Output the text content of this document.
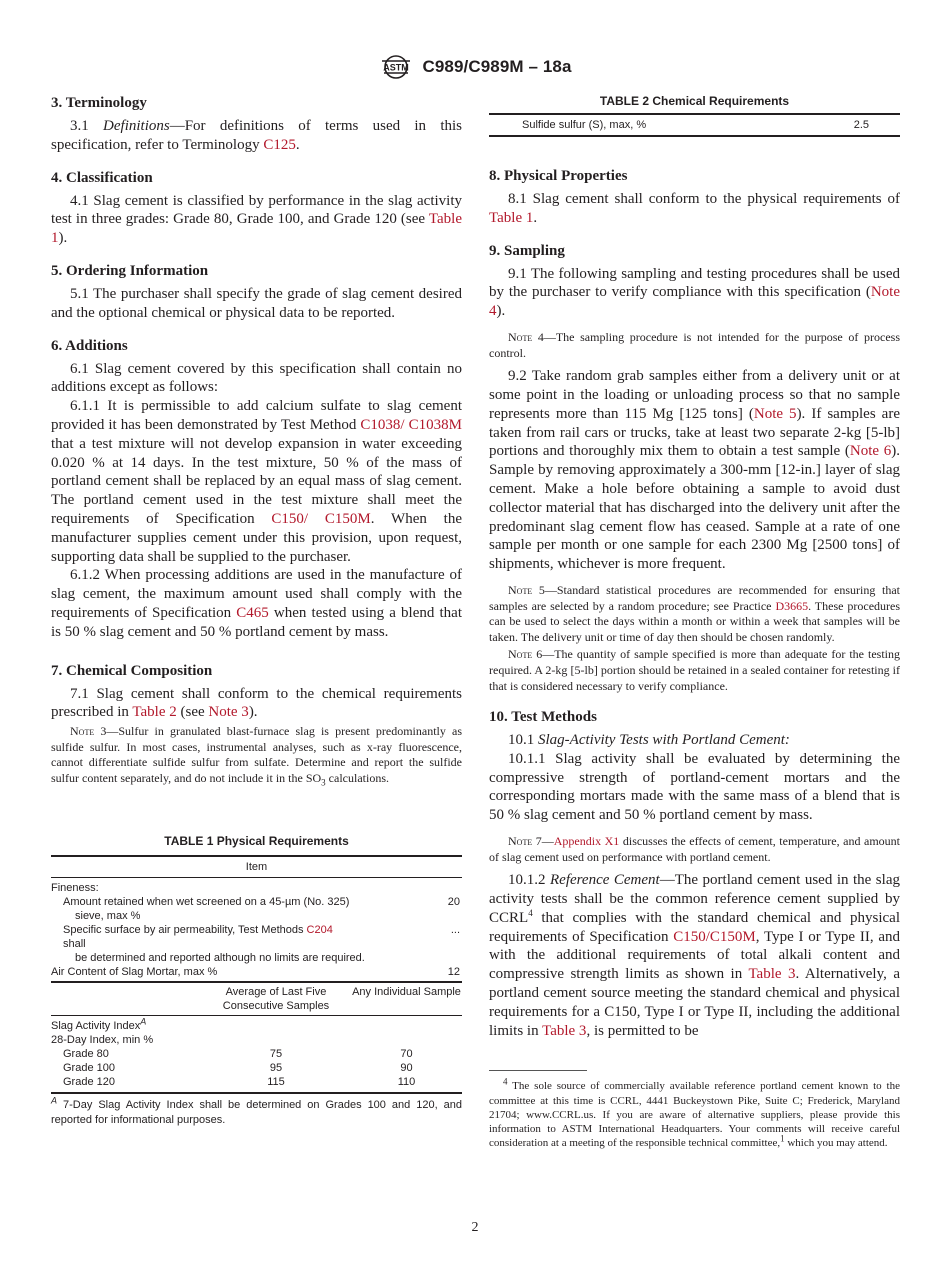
ASTM C989/C989M – 18a
3. Terminology

3.1 Definitions—For definitions of terms used in this specification, refer to Terminology C125.

4. Classification

4.1 Slag cement is classified by performance in the slag activity test in three grades: Grade 80, Grade 100, and Grade 120 (see Table 1).

5. Ordering Information

5.1 The purchaser shall specify the grade of slag cement desired and the optional chemical or physical data to be reported.

6. Additions

6.1 Slag cement covered by this specification shall contain no additions except as follows:

6.1.1 It is permissible to add calcium sulfate to slag cement provided it has been demonstrated by Test Method C1038/ C1038M that a test mixture will not develop expansion in water exceeding 0.020 % at 14 days. In the test mixture, 50 % of the mass of portland cement shall be replaced by an equal mass of slag cement. The portland cement used in the test mixture shall meet the requirements of Specification C150/ C150M. When the manufacturer supplies cement under this provision, upon request, supporting data shall be supplied to the purchaser.

6.1.2 When processing additions are used in the manufacture of slag cement, the maximum amount used shall comply with the requirements of Specification C465 when tested using a blend that is 50 % slag cement and 50 % portland cement by mass.

7. Chemical Composition

7.1 Slag cement shall conform to the chemical requirements prescribed in Table 2 (see Note 3).

Note 3—Sulfur in granulated blast-furnace slag is present predominantly as sulfide sulfur. In most cases, instrumental analyses, such as x-ray fluorescence, cannot differentiate sulfide sulfur from sulfate. Determine and report the sulfide sulfur content separately, and do not include it in the $SO_3$ calculations.

TABLE 1 Physical Requirements
Item		
Fineness:		
Amount retained when wet screened on a 45-µm (No. 325)		20
sieve, max %		
Specific surface by air permeability, Test Methods C204 shall		...
be determined and reported although no limits are required.		
Air Content of Slag Mortar, max %		12
	Average of Last Five Consecutive Samples	Any Individual Sample
Slag Activity Index$^A$
28-Day Index, min %		
Grade 80	75	70
Grade 100	95	90
Grade 120	115	110

$^A$ 7-Day Slag Activity Index shall be determined on Grades 100 and 120, and reported for informational purposes.

TABLE 2 Chemical Requirements
Sulfide sulfur (S), max, %	2.5
8. Physical Properties

8.1 Slag cement shall conform to the physical requirements of Table 1.

9. Sampling

9.1 The following sampling and testing procedures shall be used by the purchaser to verify compliance with this specification (Note 4).

Note 4—The sampling procedure is not intended for the purpose of process control.

9.2 Take random grab samples either from a delivery unit or at some point in the loading or unloading process so that no sample represents more than 115 Mg [125 tons] (Note 5). If samples are taken from rail cars or trucks, take at least two separate 2-kg [5-lb] portions and thoroughly mix them to obtain a test sample (Note 6). Sample by removing approximately a 300-mm [12-in.] layer of slag cement. Make a hole before obtaining a sample to avoid dust collector material that has discharged into the delivery unit after the predominant slag cement flow has ceased. Sample at a rate of one sample per month or one sample for each 2300 Mg [2500 tons] of shipments, whichever is more frequent.

Note 5—Standard statistical procedures are recommended for ensuring that samples are selected by a random procedure; see Practice D3665. These procedures can be used to select the days within a month or within a week that samples will be taken. The delivery unit or time of day then should be chosen randomly.

Note 6—The quantity of sample specified is more than adequate for the testing required. A 2-kg [5-lb] portion should be retained in a sealed container for retesting if that is considered necessary to verify compliance.

10. Test Methods

10.1 Slag-Activity Tests with Portland Cement:

10.1.1 Slag activity shall be evaluated by determining the compressive strength of portland-cement mortars and the corresponding mortars made with the same mass of a blend that is 50 % slag cement and 50 % portland cement by mass.

Note 7—Appendix X1 discusses the effects of cement, temperature, and amount of slag cement used on performance with portland cement.

10.1.2 Reference Cement—The portland cement used in the slag activity tests shall be the common reference cement supplied by CCRL$^4$ that complies with the standard chemical and physical requirements of Specification C150/C150M, Type I or Type II, and with the additional requirements of total alkali content and compressive strength limits as shown in Table 3. Alternatively, a portland cement source meeting the standard chemical and physical requirements for a C150, Type I or Type II, including the additional limits in Table 3, is permitted to be

$^4$ The sole source of commercially available reference portland cement known to the committee at this time is CCRL, 4441 Buckeystown Pike, Suite C; Frederick, Maryland 21704; www.CCRL.us. If you are aware of alternative suppliers, please provide this information to ASTM International Headquarters. Your comments will receive careful consideration at a meeting of the responsible technical committee,$^1$ which you may attend.

2
